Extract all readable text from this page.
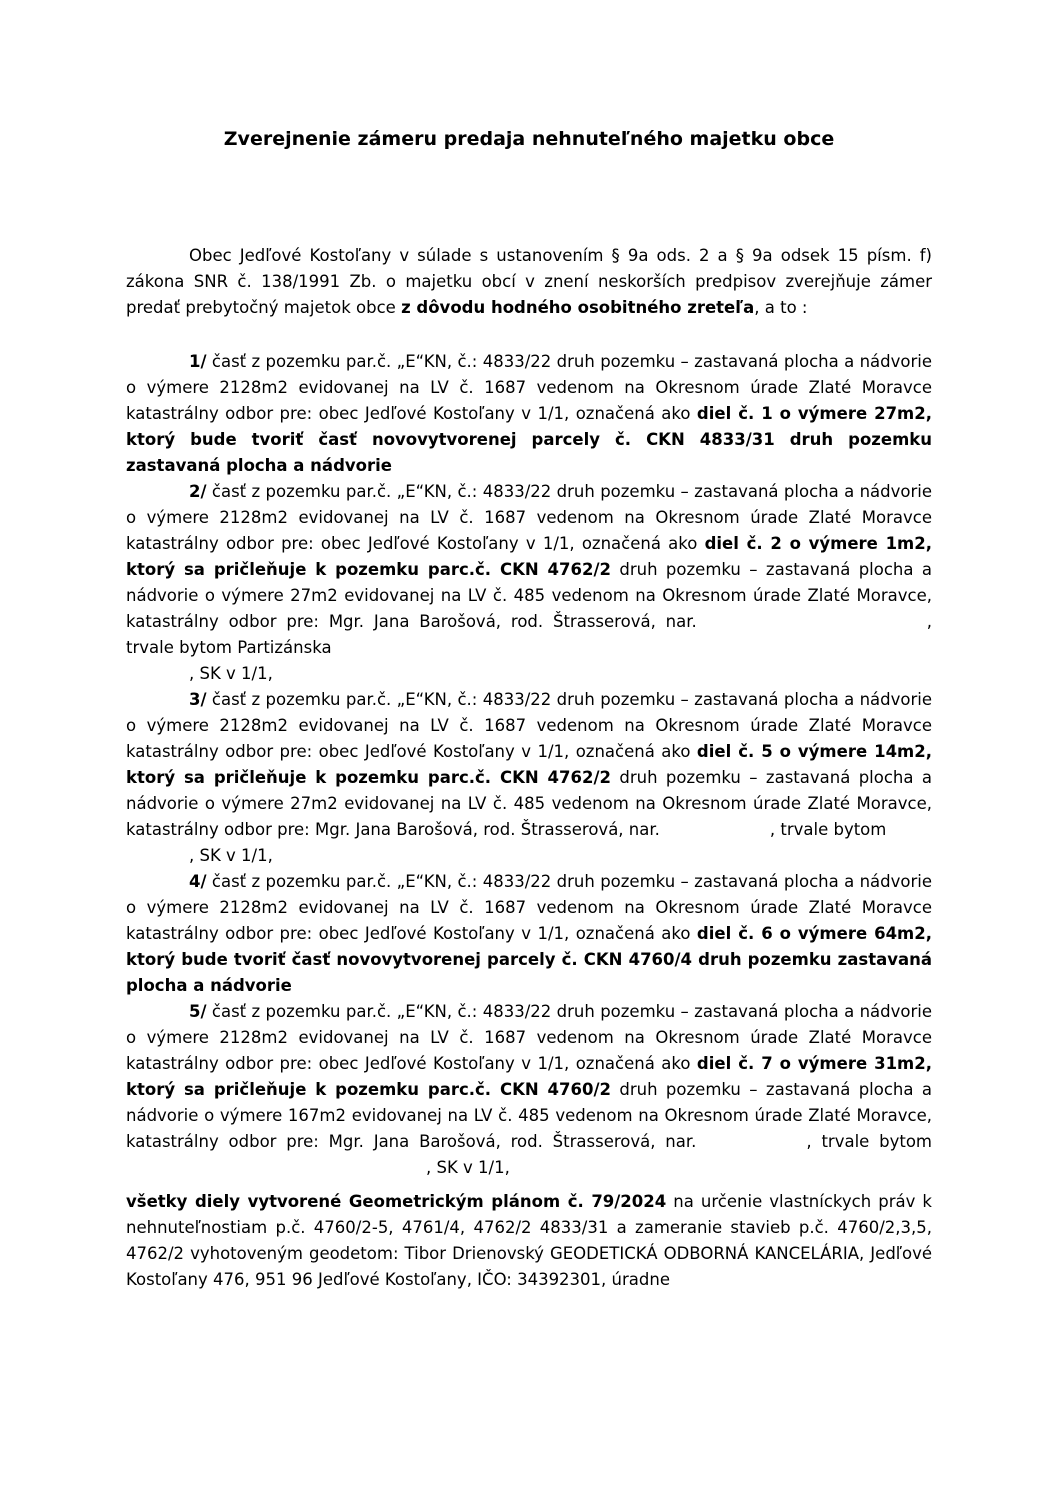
Zverejnenie zámeru predaja nehnuteľného majetku obce

Obec Jedľové Kostoľany v súlade s ustanovením § 9a ods. 2 a § 9a odsek 15 písm. f) zákona SNR č. 138/1991 Zb. o majetku obcí v znení neskorších predpisov zverejňuje zámer predať prebytočný majetok obce z dôvodu hodného osobitného zreteľa, a to :

1/ časť z pozemku par.č. „E“KN, č.: 4833/22 druh pozemku – zastavaná plocha a nádvorie o výmere 2128m2 evidovanej na LV č. 1687 vedenom na Okresnom úrade Zlaté Moravce katastrálny odbor pre: obec Jedľové Kostoľany v 1/1, označená ako diel č. 1 o výmere 27m2, ktorý bude tvoriť časť novovytvorenej parcely č. CKN 4833/31 druh pozemku zastavaná plocha a nádvorie

2/ časť z pozemku par.č. „E“KN, č.: 4833/22 druh pozemku – zastavaná plocha a nádvorie o výmere 2128m2 evidovanej na LV č. 1687 vedenom na Okresnom úrade Zlaté Moravce katastrálny odbor pre: obec Jedľové Kostoľany v 1/1, označená ako diel č. 2 o výmere 1m2, ktorý sa pričleňuje k pozemku parc.č. CKN 4762/2 druh pozemku – zastavaná plocha a nádvorie o výmere 27m2 evidovanej na LV č. 485 vedenom na Okresnom úrade Zlaté Moravce, katastrálny odbor pre: Mgr. Jana Barošová, rod. Štrasserová, nar.	, trvale bytom Partizánska

, SK v 1/1,

3/ časť z pozemku par.č. „E“KN, č.: 4833/22 druh pozemku – zastavaná plocha a nádvorie o výmere 2128m2 evidovanej na LV č. 1687 vedenom na Okresnom úrade Zlaté Moravce katastrálny odbor pre: obec Jedľové Kostoľany v 1/1, označená ako diel č. 5 o výmere 14m2, ktorý sa pričleňuje k pozemku parc.č. CKN 4762/2 druh pozemku – zastavaná plocha a nádvorie o výmere 27m2 evidovanej na LV č. 485 vedenom na Okresnom úrade Zlaté Moravce, katastrálny odbor pre: Mgr. Jana Barošová, rod. Štrasserová, nar.	, trvale bytom

, SK v 1/1,

4/ časť z pozemku par.č. „E“KN, č.: 4833/22 druh pozemku – zastavaná plocha a nádvorie o výmere 2128m2 evidovanej na LV č. 1687 vedenom na Okresnom úrade Zlaté Moravce katastrálny odbor pre: obec Jedľové Kostoľany v 1/1, označená ako diel č. 6 o výmere 64m2, ktorý bude tvoriť časť novovytvorenej parcely č. CKN 4760/4 druh pozemku zastavaná plocha a nádvorie

5/ časť z pozemku par.č. „E“KN, č.: 4833/22 druh pozemku – zastavaná plocha a nádvorie o výmere 2128m2 evidovanej na LV č. 1687 vedenom na Okresnom úrade Zlaté Moravce katastrálny odbor pre: obec Jedľové Kostoľany v 1/1, označená ako diel č. 7 o výmere 31m2, ktorý sa pričleňuje k pozemku parc.č. CKN 4760/2 druh pozemku – zastavaná plocha a nádvorie o výmere 167m2 evidovanej na LV č. 485 vedenom na Okresnom úrade Zlaté Moravce, katastrálny odbor pre: Mgr. Jana Barošová, rod. Štrasserová, nar.	, trvale bytom, SK v 1/1,

všetky diely vytvorené Geometrickým plánom č. 79/2024 na určenie vlastníckych práv k nehnuteľnostiam p.č. 4760/2-5, 4761/4, 4762/2 4833/31 a zameranie stavieb p.č. 4760/2,3,5, 4762/2 vyhotoveným geodetom: Tibor Drienovský GEODETICKÁ ODBORNÁ KANCELÁRIA, Jedľové Kostoľany 476, 951 96 Jedľové Kostoľany, IČO: 34392301, úradne
